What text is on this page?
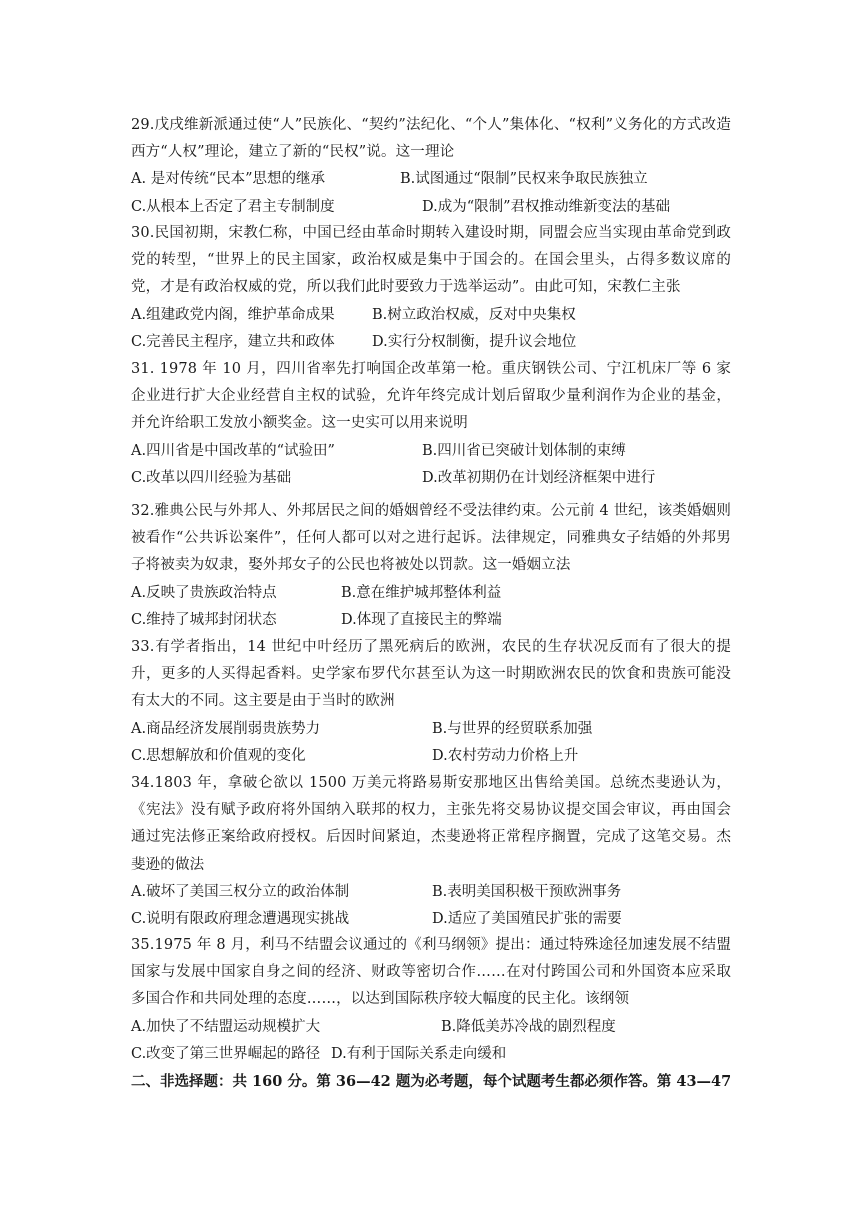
29.戊戌维新派通过使“人”民族化、“契约”法纪化、“个人”集体化、“权利”义务化的方式改造西方“人权”理论，建立了新的“民权”说。这一理论

A. 是对传统“民本”思想的继承	B.试图通过“限制”民权来争取民族独立
C.从根本上否定了君主专制制度	D.成为“限制”君权推动维新变法的基础

30.民国初期，宋教仁称，中国已经由革命时期转入建设时期，同盟会应当实现由革命党到政党的转型，“世界上的民主国家，政治权威是集中于国会的。在国会里头，占得多数议席的党，才是有政治权威的党，所以我们此时要致力于选举运动”。由此可知，宋教仁主张

A.组建政党内阁，维护革命成果	B.树立政治权威，反对中央集权
C.完善民主程序，建立共和政体	D.实行分权制衡，提升议会地位

31. 1978 年 10 月，四川省率先打响国企改革第一枪。重庆钢铁公司、宁江机床厂等 6 家企业进行扩大企业经营自主权的试验，允许年终完成计划后留取少量利润作为企业的基金，并允许给职工发放小额奖金。这一史实可以用来说明

A.四川省是中国改革的“试验田”	B.四川省已突破计划体制的束缚
C.改革以四川经验为基础	D.改革初期仍在计划经济框架中进行

32.雅典公民与外邦人、外邦居民之间的婚姻曾经不受法律约束。公元前 4 世纪，该类婚姻则被看作“公共诉讼案件”，任何人都可以对之进行起诉。法律规定，同雅典女子结婚的外邦男子将被卖为奴隶，娶外邦女子的公民也将被处以罚款。这一婚姻立法

A.反映了贵族政治特点	B.意在维护城邦整体利益
C.维持了城邦封闭状态	D.体现了直接民主的弊端

33.有学者指出，14 世纪中叶经历了黑死病后的欧洲，农民的生存状况反而有了很大的提升，更多的人买得起香料。史学家布罗代尔甚至认为这一时期欧洲农民的饮食和贵族可能没有太大的不同。这主要是由于当时的欧洲

A.商品经济发展削弱贵族势力	B.与世界的经贸联系加强
C.思想解放和价值观的变化	D.农村劳动力价格上升

34.1803 年，拿破仑欲以 1500 万美元将路易斯安那地区出售给美国。总统杰斐逊认为，《宪法》没有赋予政府将外国纳入联邦的权力，主张先将交易协议提交国会审议，再由国会通过宪法修正案给政府授权。后因时间紧迫，杰斐逊将正常程序搁置，完成了这笔交易。杰斐逊的做法

A.破坏了美国三权分立的政治体制	B.表明美国积极干预欧洲事务
C.说明有限政府理念遭遇现实挑战	D.适应了美国殖民扩张的需要

35.1975 年 8 月，利马不结盟会议通过的《利马纲领》提出：通过特殊途径加速发展不结盟国家与发展中国家自身之间的经济、财政等密切合作……在对付跨国公司和外国资本应采取多国合作和共同处理的态度……，以达到国际秩序较大幅度的民主化。该纲领

A.加快了不结盟运动规模扩大	B.降低美苏冷战的剧烈程度
C.改变了第三世界崛起的路径 D.有利于国际关系走向缓和

二、非选择题：共 160 分。第 36—42 题为必考题，每个试题考生都必须作答。第 43—47
